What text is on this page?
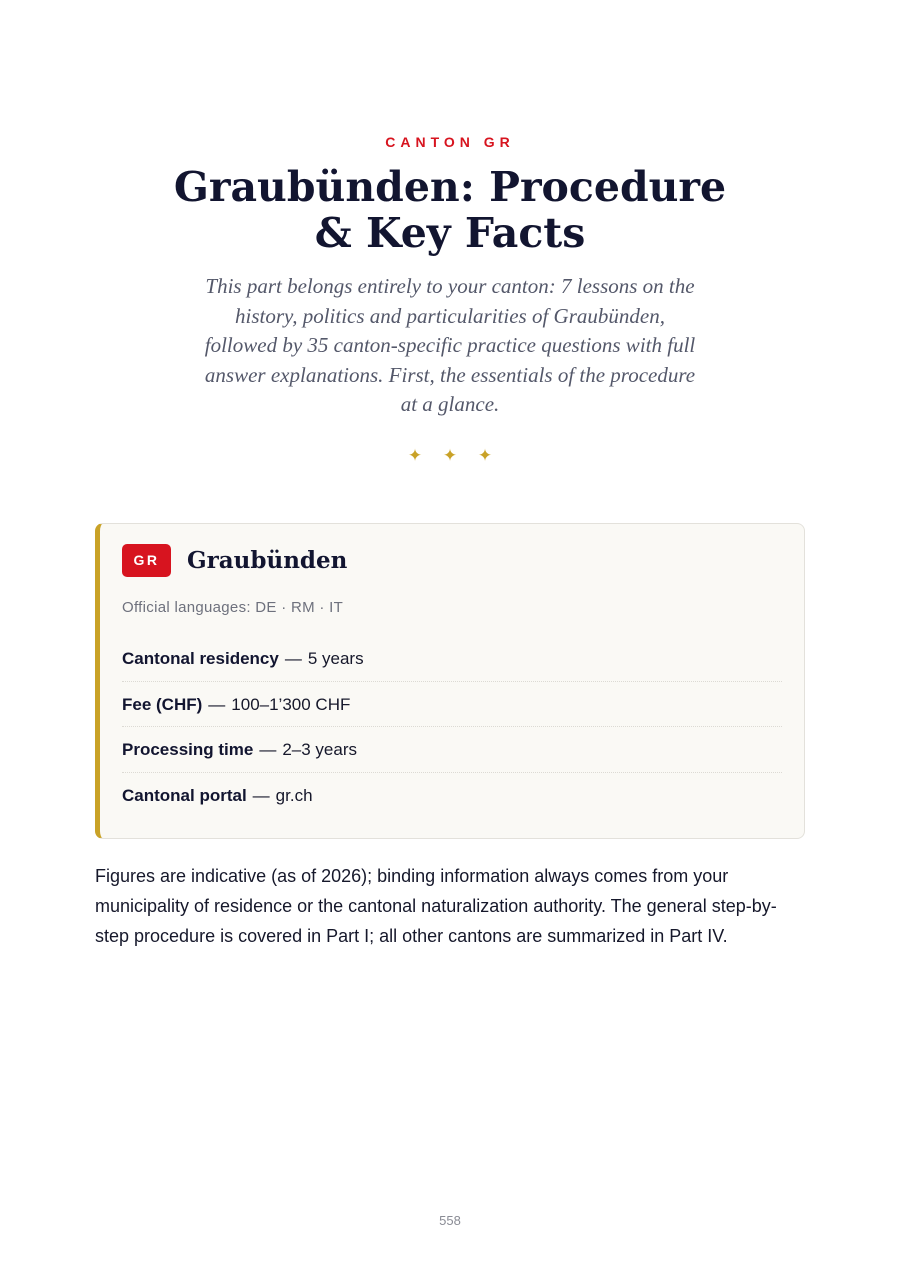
CANTON GR
Graubünden: Procedure & Key Facts

This part belongs entirely to your canton: 7 lessons on the history, politics and particularities of Graubünden, followed by 35 canton-specific practice questions with full answer explanations. First, the essentials of the procedure at a glance.

✦ ✦ ✦
GR	Graubünden
Official languages: DE · RM · IT
Cantonal residency — 5 years
Fee (CHF) — 100–1’300 CHF
Processing time — 2–3 years
Cantonal portal — gr.ch

Figures are indicative (as of 2026); binding information always comes from your municipality of residence or the cantonal naturalization authority. The general step-by-step procedure is covered in Part I; all other cantons are summarized in Part IV.

558
